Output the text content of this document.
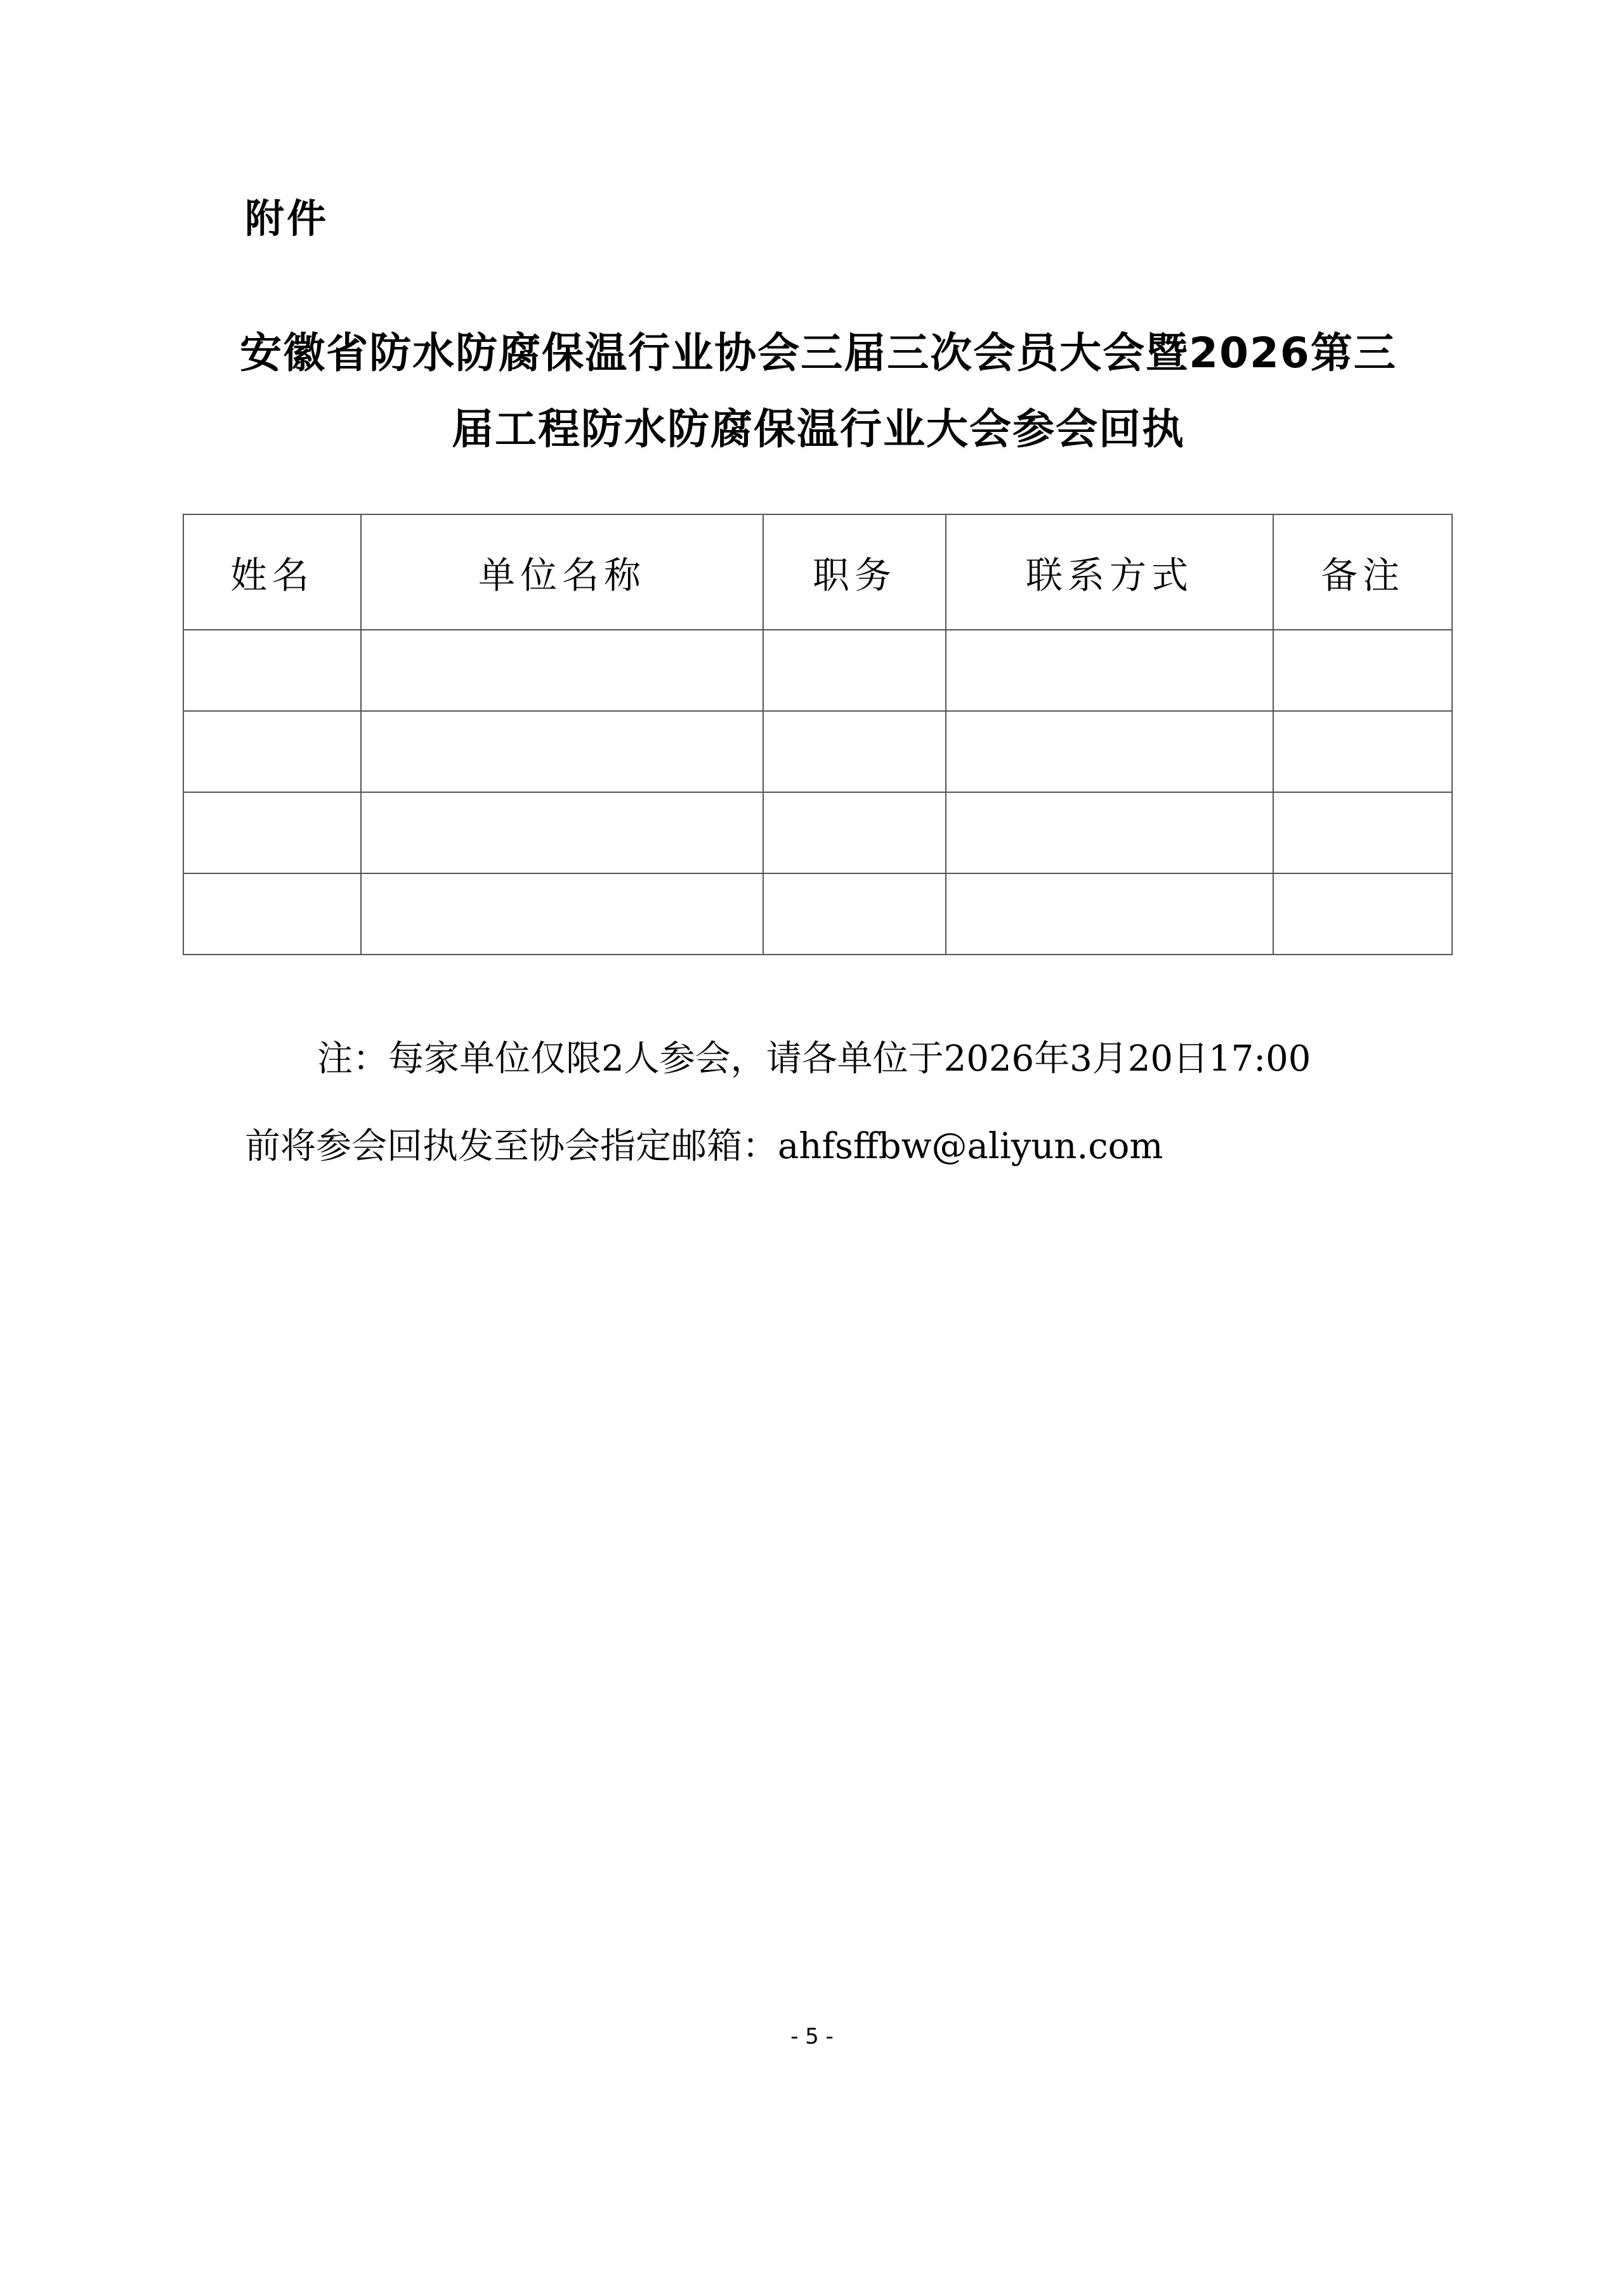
附件
安徽省防水防腐保温行业协会三届三次会员大会暨2026第三
届工程防水防腐保温行业大会参会回执
姓名	单位名称	职务	联系方式	备注

注：每家单位仅限2人参会，请各单位于2026年3月20日17:00
前将参会回执发至协会指定邮箱：ahfsffbw@aliyun.com
- 5 -
